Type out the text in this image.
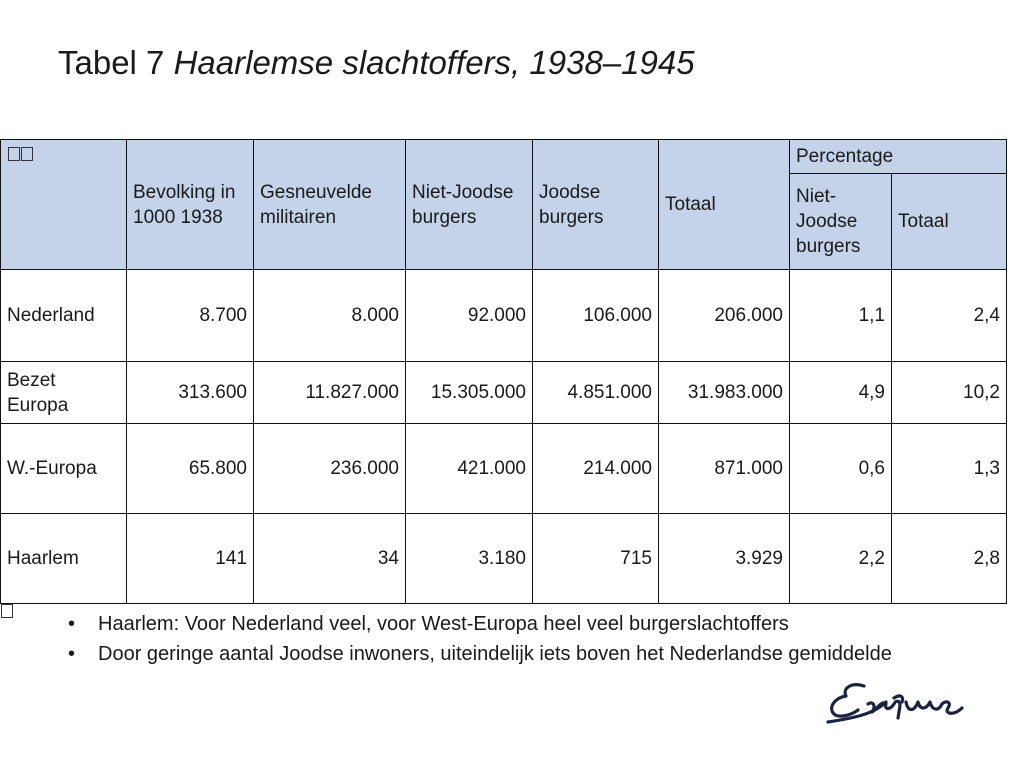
Tabel 7 Haarlemse slachtoffers, 1938–1945
	Bevolking in 1000 1938	Gesneuvelde militairen	Niet-Joodse burgers	Joodse burgers	Totaal	Percentage	
						Niet-Joodse burgers	Totaal
Nederland	8.700	8.000	92.000	106.000	206.000	1,1	2,4
Bezet Europa	313.600	11.827.000	15.305.000	4.851.000	31.983.000	4,9	10,2
W.-Europa	65.800	236.000	421.000	214.000	871.000	0,6	1,3
Haarlem	141	34	3.180	715	3.929	2,2	2,8
• Haarlem: Voor Nederland veel, voor West-Europa heel veel burgerslachtoffers
• Door geringe aantal Joodse inwoners, uiteindelijk iets boven het Nederlandse gemiddelde
